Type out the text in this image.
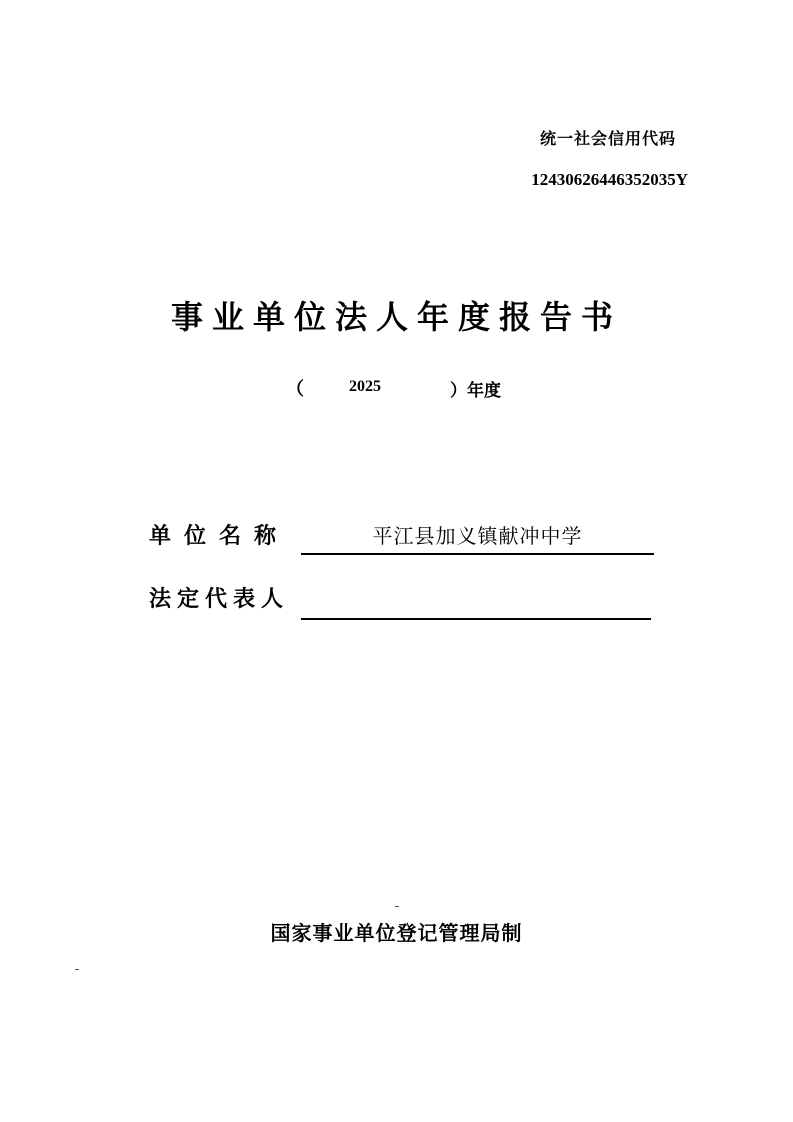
统一社会信用代码
12430626446352035Y
事业单位法人年度报告书
（	2025	）年度
单位名称	平江县加义镇献冲中学
法定代表人
国家事业单位登记管理局制
